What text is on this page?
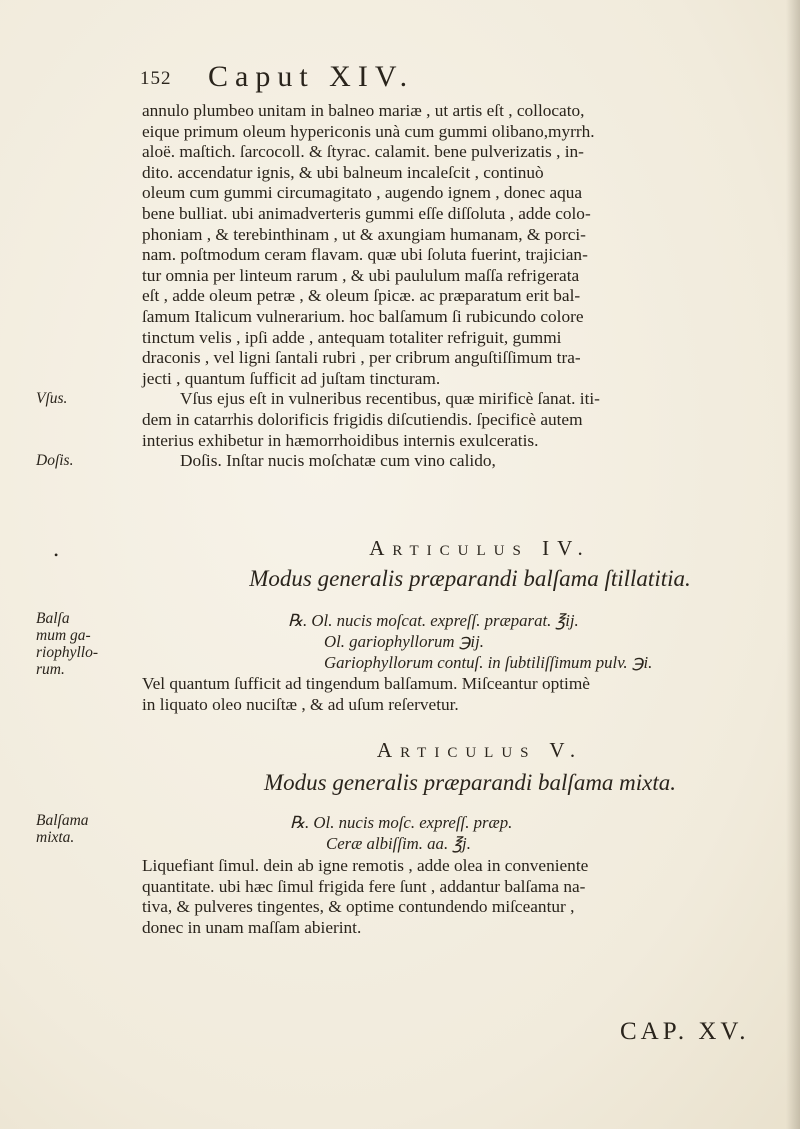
152 Caput XIV.

annulo plumbeo unitam in balneo mariæ , ut artis eſt , collocato,

eique primum oleum hypericonis unà cum gummi olibano,myrrh.

aloë. maſtich. ſarcocoll. & ſtyrac. calamit. bene pulverizatis , in-

dito. accendatur ignis, & ubi balneum incaleſcit , continuò

oleum cum gummi circumagitato , augendo ignem , donec aqua

bene bulliat. ubi animadverteris gummi eſſe diſſoluta , adde colo-

phoniam , & terebinthinam , ut & axungiam humanam, & porci-

nam. poſtmodum ceram flavam. quæ ubi ſoluta fuerint, trajician-

tur omnia per linteum rarum , & ubi paululum maſſa refrigerata

eſt , adde oleum petræ , & oleum ſpicæ. ac præparatum erit bal-

ſamum Italicum vulnerarium. hoc balſamum ſi rubicundo colore

tinctum velis , ipſi adde , antequam totaliter refriguit, gummi

draconis , vel ligni ſantali rubri , per cribrum anguſtiſſimum tra-

jecti , quantum ſufficit ad juſtam tincturam.

Vſus ejus eſt in vulneribus recentibus, quæ mirificè ſanat. iti-

dem in catarrhis dolorificis frigidis diſcutiendis. ſpecificè autem

interius exhibetur in hæmorrhoidibus internis exulceratis.

Doſis. Inſtar nucis moſchatæ cum vino calido,

Vſus.
Doſis.
•	Articulus IV.
Modus generalis præparandi balſama ſtillatitia.
Balſa
mum ga-
riophyllo-
rum.
℞. Ol. nucis moſcat. expreſſ. præparat. ℥ij.
Ol. gariophyllorum ℈ij.
Gariophyllorum contuſ. in ſubtiliſſimum pulv. ℈i.

Vel quantum ſufficit ad tingendum balſamum. Miſceantur optimè

in liquato oleo nuciſtæ , & ad uſum reſervetur.

Articulus V.
Modus generalis præparandi balſama mixta.
Balſama
mixta.
℞. Ol. nucis moſc. expreſſ. præp.
Ceræ albiſſim. aa. ℥j.

Liquefiant ſimul. dein ab igne remotis , adde olea in conveniente

quantitate. ubi hæc ſimul frigida fere ſunt , addantur balſama na-

tiva, & pulveres tingentes, & optime contundendo miſceantur ,

donec in unam maſſam abierint.

CAP. XV.
